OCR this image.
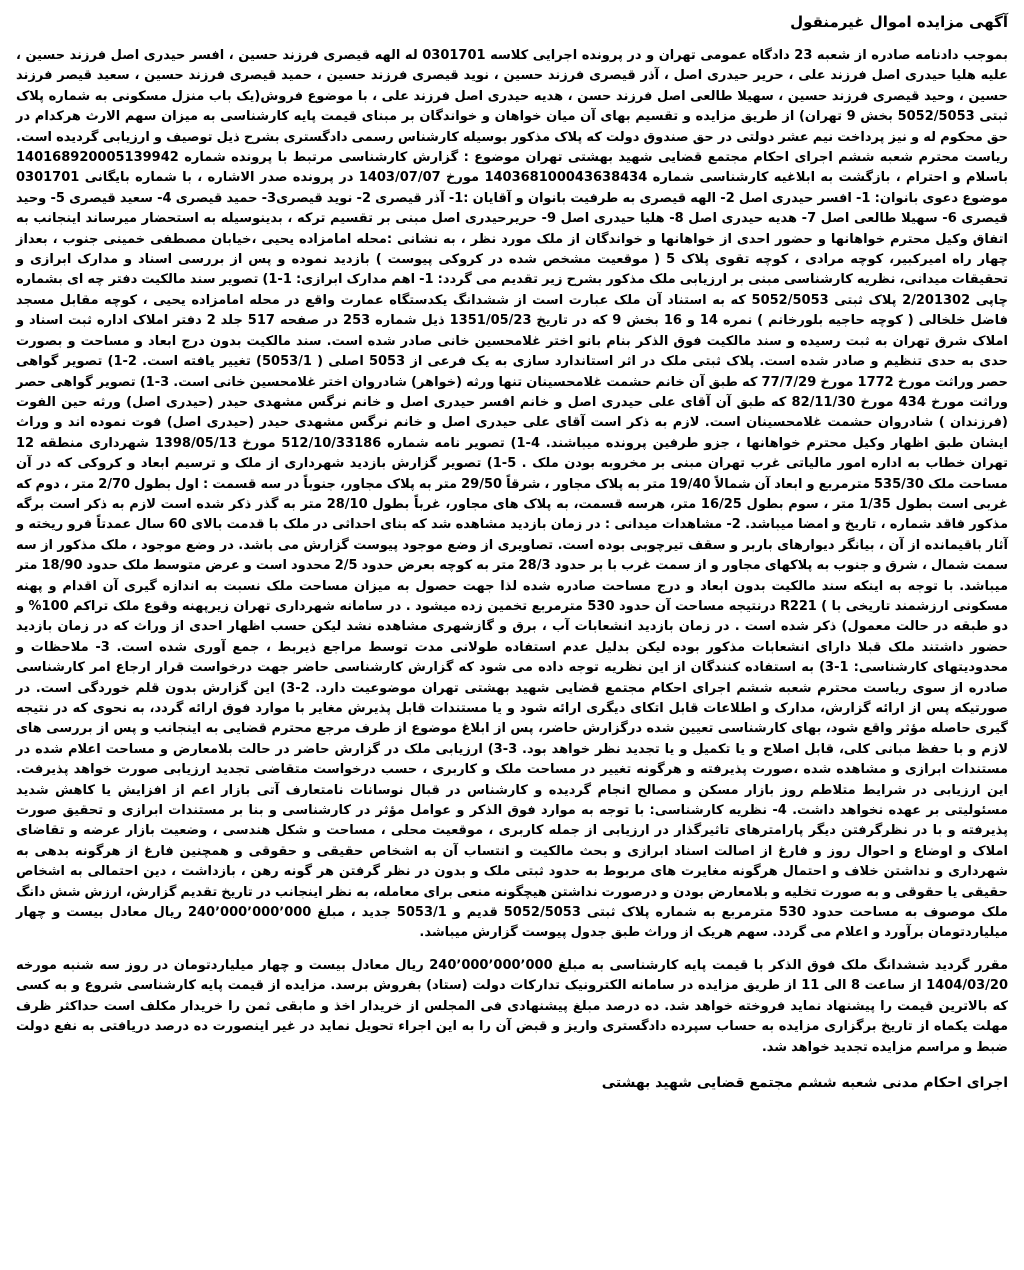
آگهی مزایده اموال غیرمنقول

بموجب دادنامه صادره از شعبه 23 دادگاه عمومی تهران و در پرونده اجرایی کلاسه 0301701 له الهه قیصری فرزند حسین ، افسر حیدری اصل فرزند حسین ، علیه هلیا حیدری اصل فرزند علی ، حریر حیدری اصل ، آذر قیصری فرزند حسین ، نوید قیصری فرزند حسین ، حمید قیصری فرزند حسین ، سعید قیصر فرزند حسین ، وحید قیصری فرزند حسین ، سهیلا طالعی اصل فرزند حسن ، هدیه حیدری اصل فرزند علی ، با موضوع فروش(یک باب منزل مسکونی به شماره پلاک ثبتی 5052/5053 بخش 9 تهران) از طریق مزایده و تقسیم بهای آن میان خواهان و خواندگان بر مبنای قیمت پایه کارشناسی به میزان سهم الارث هرکدام در حق محکوم له و نیز پرداخت نیم عشر دولتی در حق صندوق دولت که پلاک مذکور بوسیله کارشناس رسمی دادگستری بشرح ذیل توصیف و ارزیابی گردیده است. ریاست محترم شعبه ششم اجرای احکام مجتمع قضایی شهید بهشتی تهران موضوع : گزارش کارشناسی مرتبط با پرونده شماره 140168920005139942 باسلام و احترام ، بازگشت به ابلاغیه کارشناسی شماره 140368100043638434 مورخ 1403/07/07 در پرونده صدر الاشاره ، با شماره بایگانی 0301701 موضوع دعوی بانوان: 1- افسر حیدری اصل 2- الهه قیصری به طرفیت بانوان و آقایان :1- آذر قیصری 2- نوید قیصری3- حمید قیصری 4- سعید قیصری 5- وحید قیصری 6- سهیلا طالعی اصل 7- هدیه حیدری اصل 8- هلیا حیدری اصل 9- حریرحیدری اصل مبنی بر تقسیم ترکه ، بدینوسیله به استحضار میرساند اینجانب به اتفاق وکیل محترم خواهانها و حضور احدی از خواهانها و خواندگان از ملک مورد نظر ، به نشانی :محله امامزاده یحیی ،خیابان مصطفی خمینی جنوب ، بعداز چهار راه امیرکبیر، کوچه مرادی ، کوچه تقوی پلاک 5 ( موقعیت مشخص شده در کروکی پیوست ) بازدید نموده و پس از بررسی اسناد و مدارک ابرازی و تحقیقات میدانی، نظریه کارشناسی مبنی بر ارزیابی ملک مذکور بشرح زیر تقدیم می گردد: 1- اهم مدارک ابرازی: 1-1) تصویر سند مالکیت دفتر چه ای بشماره چاپی 2/201302 پلاک ثبتی 5052/5053 که به استناد آن ملک عبارت است از ششدانگ یکدستگاه عمارت واقع در محله امامزاده یحیی ، کوچه مقابل مسجد فاضل خلخالی ( کوچه حاجیه بلورخانم ) نمره 14 و 16 بخش 9 که در تاریخ 1351/05/23 ذیل شماره 253 در صفحه 517 جلد 2 دفتر املاک اداره ثبت اسناد و املاک شرق تهران به ثبت رسیده و سند مالکیت فوق الذکر بنام بانو اختر غلامحسین خانی صادر شده است. سند مالکیت بدون درج ابعاد و مساحت و بصورت حدی به حدی تنظیم و صادر شده است. پلاک ثبتی ملک در اثر استاندارد سازی به یک فرعی از 5053 اصلی ( 5053/1) تغییر یافته است. 2-1) تصویر گواهی حصر وراثت مورخ 1772 مورخ 77/7/29 که طبق آن خانم حشمت غلامحسینان تنها ورثه (خواهر) شادروان اختر غلامحسین خانی است. 3-1) تصویر گواهی حصر وراثت مورخ 434 مورخ 82/11/30 که طبق آن آقای علی حیدری اصل و خانم افسر حیدری اصل و خانم نرگس مشهدی حیدر (حیدری اصل) ورثه حین الفوت (فرزندان ) شادروان حشمت غلامحسینان است. لازم به ذکر است آقای علی حیدری اصل و خانم نرگس مشهدی حیدر (حیدری اصل) فوت نموده اند و وراث ایشان طبق اظهار وکیل محترم خواهانها ، جزو طرفین پرونده میباشند. 4-1) تصویر نامه شماره 512/10/33186 مورخ 1398/05/13 شهرداری منطقه 12 تهران خطاب به اداره امور مالیاتی غرب تهران مبنی بر مخروبه بودن ملک . 5-1) تصویر گزارش بازدید شهرداری از ملک و ترسیم ابعاد و کروکی که در آن مساحت ملک 535/30 مترمربع و ابعاد آن شمالاً 19/40 متر به پلاک مجاور ، شرقاً 29/50 متر به پلاک مجاور، جنوباً در سه قسمت : اول بطول 2/70 متر ، دوم که غربی است بطول 1/35 متر ، سوم بطول 16/25 متر، هرسه قسمت، به پلاک های مجاور، غرباً بطول 28/10 متر به گذر ذکر شده است لازم به ذکر است برگه مذکور فاقد شماره ، تاریخ و امضا میباشد. 2- مشاهدات میدانی : در زمان بازدید مشاهده شد که بنای احداثی در ملک با قدمت بالای 60 سال عمدتاً فرو ریخته و آثار باقیمانده از آن ، بیانگر دیوارهای باربر و سقف تیرچوبی بوده است. تصاویری از وضع موجود پیوست گزارش می باشد. در وضع موجود ، ملک مذکور از سه سمت شمال ، شرق و جنوب به پلاکهای مجاور و از سمت غرب با بر حدود 28/3 متر به کوچه بعرض حدود 2/5 محدود است و عرض متوسط ملک حدود 18/90 متر میباشد. با توجه به اینکه سند مالکیت بدون ابعاد و درج مساحت صادره شده لذا جهت حصول به میزان مساحت ملک نسبت به اندازه گیری آن اقدام و پهنه مسکونی ارزشمند تاریخی با ) R221 درنتیجه مساحت آن حدود 530 مترمربع تخمین زده میشود . در سامانه شهرداری تهران زیرپهنه وقوع ملک تراکم 100% و دو طبقه در حالت معمول) ذکر شده است . در زمان بازدید انشعابات آب ، برق و گازشهری مشاهده نشد لیکن حسب اظهار احدی از وراث که در زمان بازدید حضور داشتند ملک قبلا دارای انشعابات مذکور بوده لیکن بدلیل عدم استفاده طولانی مدت توسط مراجع ذیربط ، جمع آوری شده است. 3- ملاحظات و محدودیتهای کارشناسی: 1-3) به استفاده کنندگان از این نظریه توجه داده می شود که گزارش کارشناسی حاضر جهت درخواست قرار ارجاع امر کارشناسی صادره از سوی ریاست محترم شعبه ششم اجرای احکام مجتمع قضایی شهید بهشتی تهران موضوعیت دارد. 2-3) این گزارش بدون قلم خوردگی است. در صورتیکه پس از ارائه گزارش، مدارک و اطلاعات قابل اتکای دیگری ارائه شود و یا مستندات قابل پذیرش مغایر با موارد فوق ارائه گردد، به نحوی که در نتیجه گیری حاصله مؤثر واقع شود، بهای کارشناسی تعیین شده درگزارش حاضر، پس از ابلاغ موضوع از طرف مرجع محترم قضایی به اینجانب و پس از بررسی های لازم و با حفظ مبانی کلی، قابل اصلاح و یا تکمیل و یا تجدید نظر خواهد بود. 3-3) ارزیابی ملک در گزارش حاضر در حالت بلامعارض و مساحت اعلام شده در مستندات ابرازی و مشاهده شده ،صورت پذیرفته و هرگونه تغییر در مساحت ملک و کاربری ، حسب درخواست متقاضی تجدید ارزیابی صورت خواهد پذیرفت. این ارزیابی در شرایط متلاطم روز بازار مسکن و مصالح انجام گردیده و کارشناس در قبال نوسانات نامتعارف آتی بازار اعم از افزایش یا کاهش شدید مسئولیتی بر عهده نخواهد داشت. 4- نظریه کارشناسی: با توجه به موارد فوق الذکر و عوامل مؤثر در کارشناسی و بنا بر مستندات ابرازی و تحقیق صورت پذیرفته و با در نظرگرفتن دیگر پارامترهای تاثیرگذار در ارزیابی از جمله کاربری ، موقعیت محلی ، مساحت و شکل هندسی ، وضعیت بازار عرضه و تقاضای املاک و اوضاع و احوال روز و فارغ از اصالت اسناد ابرازی و بحث مالکیت و انتساب آن به اشخاص حقیقی و حقوقی و همچنین فارغ از هرگونه بدهی به شهرداری و نداشتن خلاف و احتمال هرگونه مغایرت های مربوط به حدود ثبتی ملک و بدون در نظر گرفتن هر گونه رهن ، بازداشت ، دین احتمالی به اشخاص حقیقی یا حقوقی و به صورت تخلیه و بلامعارض بودن و درصورت نداشتن هیچگونه منعی برای معامله، به نظر اینجانب در تاریخ تقدیم گزارش، ارزش شش دانگ ملک موصوف به مساحت حدود 530 مترمربع به شماره پلاک ثبتی 5052/5053 قدیم و 5053/1 جدید ، مبلغ 240٬000٬000٬000 ریال معادل بیست و چهار میلیاردتومان برآورد و اعلام می گردد. سهم هریک از وراث طبق جدول پیوست گزارش میباشد.

مقرر گردید ششدانگ ملک فوق الذکر با قیمت پایه کارشناسی به مبلغ 240٬000٬000٬000 ریال معادل بیست و چهار میلیاردتومان در روز سه شنبه مورخه 1404/03/20 از ساعت 8 الی 11 از طریق مزایده در سامانه الکترونیک تدارکات دولت (ستاد) بفروش برسد. مزایده از قیمت پایه کارشناسی شروع و به کسی که بالاترین قیمت را پیشنهاد نماید فروخته خواهد شد. ده درصد مبلغ پیشنهادی فی المجلس از خریدار اخذ و مابقی ثمن را خریدار مکلف است حداکثر ظرف مهلت یکماه از تاریخ برگزاری مزایده به حساب سپرده دادگستری واریز و قبض آن را به این اجراء تحویل نماید در غیر اینصورت ده درصد دریافتی به نفع دولت ضبط و مراسم مزایده تجدید خواهد شد.

اجرای احکام مدنی شعبه ششم مجتمع قضایی شهید بهشتی
